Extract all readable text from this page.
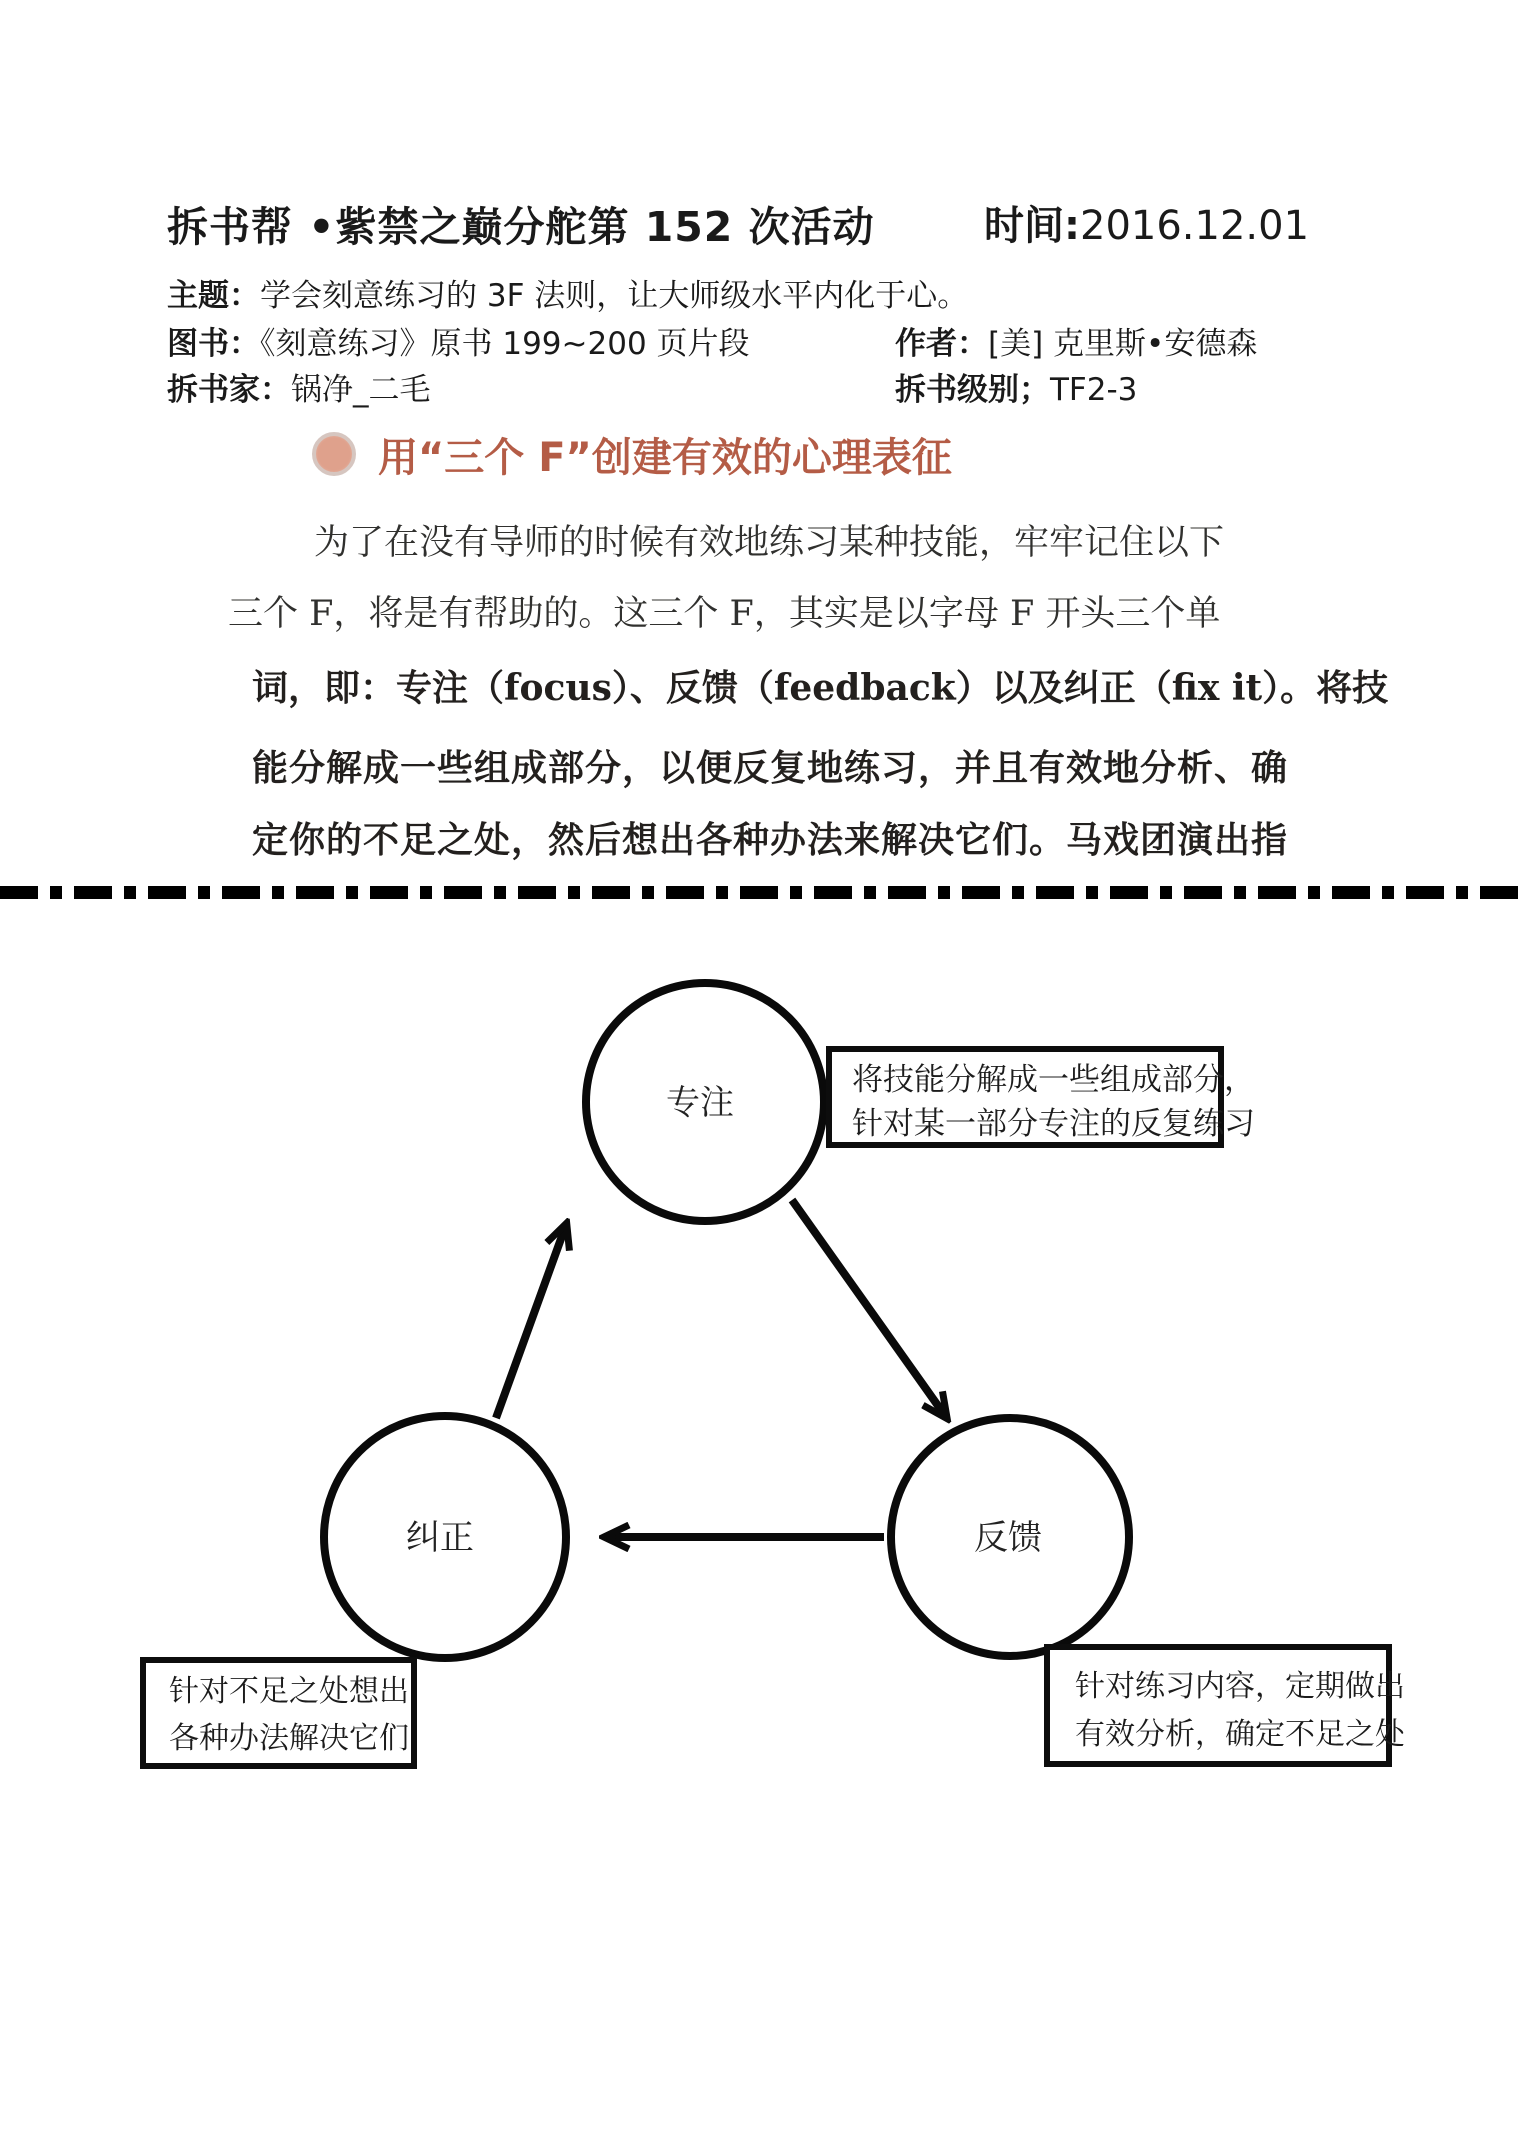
拆书帮 •紫禁之巅分舵第 152 次活动	时间:2016.12.01
主题：学会刻意练习的 3F 法则，让大师级水平内化于心。
图书：《刻意练习》原书 199~200 页片段	作者：[美] 克里斯•安德森
拆书家：锅净_二毛	拆书级别；TF2-3
用“三个 F”创建有效的心理表征
为了在没有导师的时候有效地练习某种技能，牢牢记住以下
三个 F，将是有帮助的。这三个 F，其实是以字母 F 开头三个单
词，即：专注（focus）、反馈（feedback）以及纠正（fix it）。将技
能分解成一些组成部分，以便反复地练习，并且有效地分析、确
定你的不足之处，然后想出各种办法来解决它们。马戏团演出指
专注
纠正	反馈
将技能分解成一些组成部分，
针对某一部分专注的反复练习
针对不足之处想出
各种办法解决它们
针对练习内容，定期做出
有效分析，确定不足之处
